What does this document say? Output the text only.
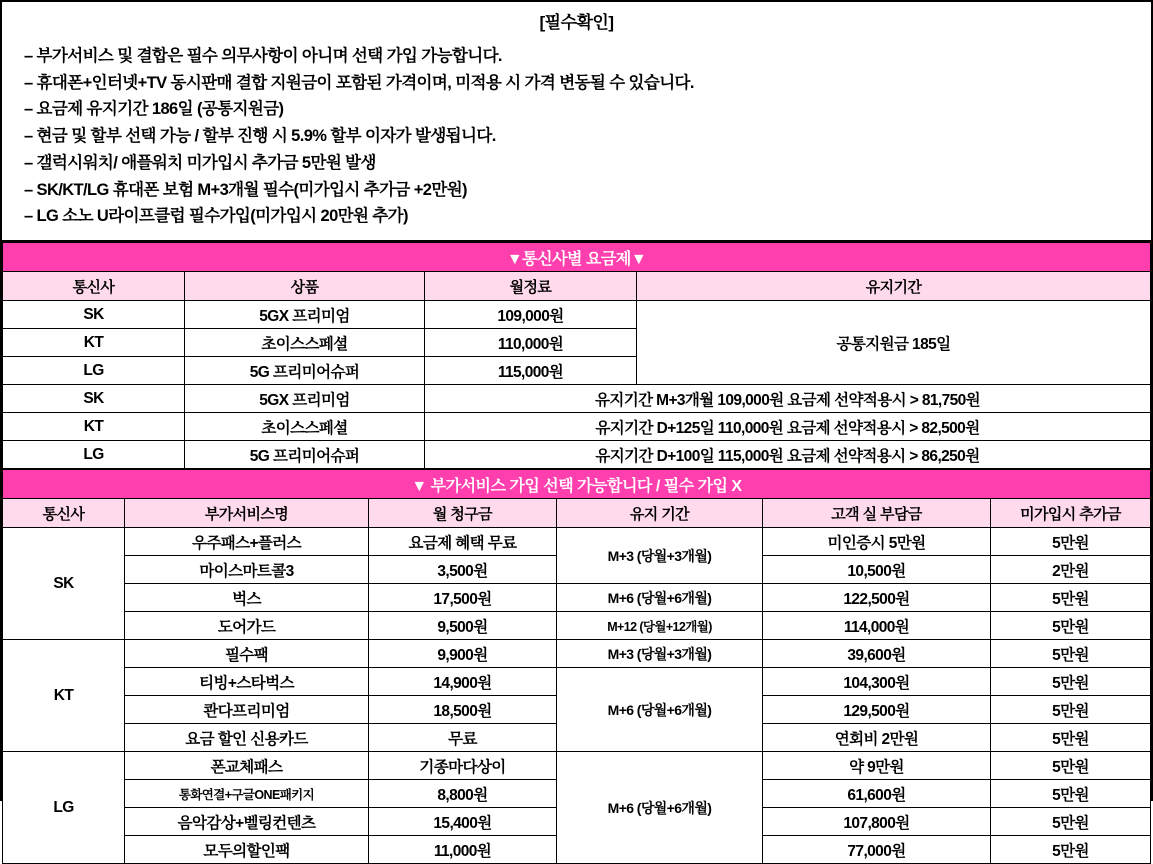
[필수확인]
– 부가서비스 및 결합은 필수 의무사항이 아니며 선택 가입 가능합니다.
– 휴대폰+인터넷+TV 동시판매 결합 지원금이 포함된 가격이며, 미적용 시 가격 변동될 수 있습니다.
– 요금제 유지기간 186일 (공통지원금)
– 현금 및 할부 선택 가능 / 할부 진행 시 5.9% 할부 이자가 발생됩니다.
– 갤럭시워치/ 애플워치 미가입시 추가금 5만원 발생
– SK/KT/LG 휴대폰 보험 M+3개월 필수(미가입시 추가금 +2만원)
– LG 소노 U라이프클럽 필수가입(미가입시 20만원 추가)
▼통신사별 요금제▼			
통신사	상품	월정료	유지기간
SK	5GX 프리미엄	109,000원	공통지원금 185일
KT	초이스스페셜	110,000원	
LG	5G 프리미어슈퍼	115,000원	
SK	5GX 프리미엄	유지기간 M+3개월 109,000원 요금제 선약적용시 > 81,750원	
KT	초이스스페셜	유지기간 D+125일 110,000원 요금제 선약적용시 > 82,500원	
LG	5G 프리미어슈퍼	유지기간 D+100일 115,000원 요금제 선약적용시 > 86,250원	
▼ 부가서비스 가입 선택 가능합니다 / 필수 가입 X					
통신사	부가서비스명	월 청구금	유지 기간	고객 실 부담금	미가입시 추가금
SK	우주패스+플러스	요금제 혜택 무료	M+3 (당월+3개월)	미인증시 5만원	5만원
	마이스마트콜3	3,500원		10,500원	2만원
	벅스	17,500원	M+6 (당월+6개월)	122,500원	5만원
	도어가드	9,500원	M+12 (당월+12개월)	114,000원	5만원
KT	필수팩	9,900원	M+3 (당월+3개월)	39,600원	5만원
	티빙+스타벅스	14,900원	M+6 (당월+6개월)	104,300원	5만원
	콴다프리미엄	18,500원		129,500원	5만원
	요금 할인 신용카드	무료		연회비 2만원	5만원
LG	폰교체패스	기종마다상이	M+6 (당월+6개월)	약 9만원	5만원
	통화연결+구글ONE패키지	8,800원		61,600원	5만원
	음악감상+벨링컨텐츠	15,400원		107,800원	5만원
	모두의할인팩	11,000원		77,000원	5만원
